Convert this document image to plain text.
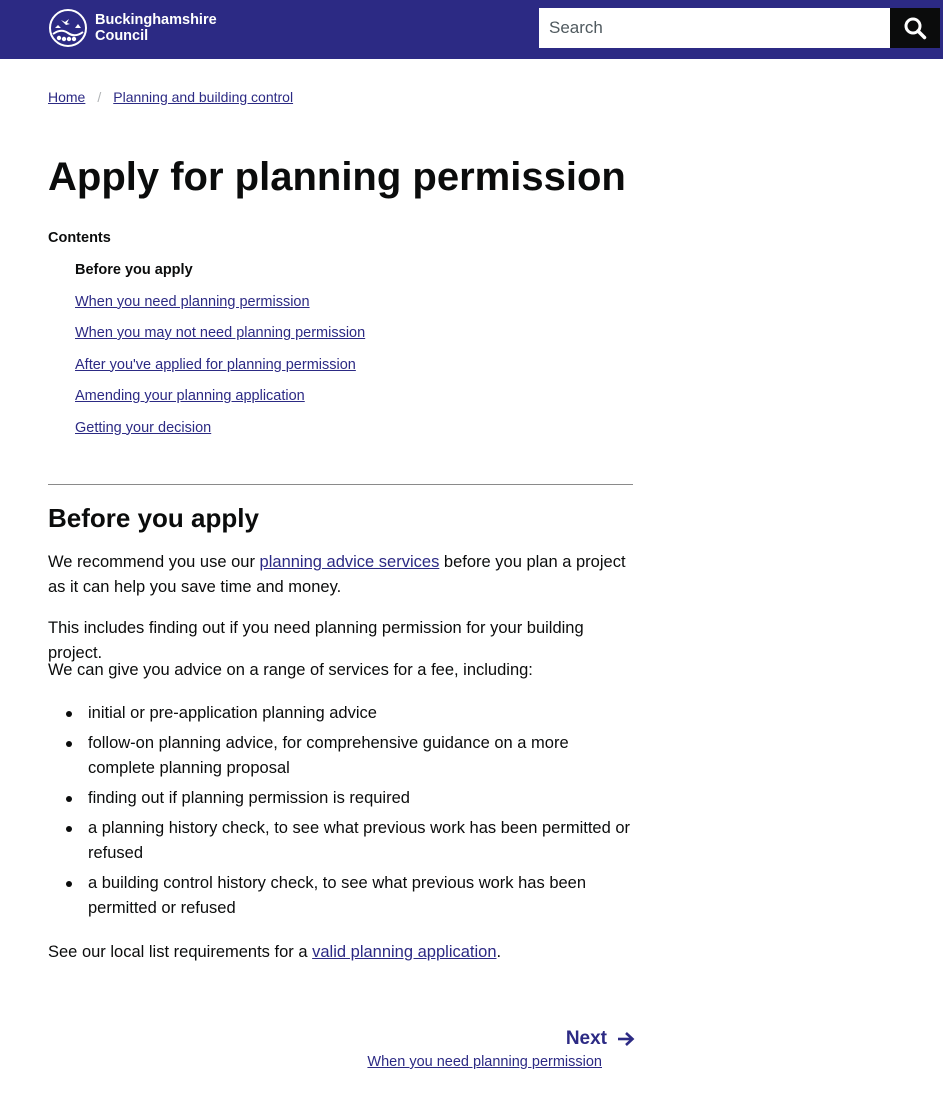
Buckinghamshire
Council
Search
Home / Planning and building control
Apply for planning permission
Contents
Before you apply
When you need planning permission
When you may not need planning permission
After you've applied for planning permission
Amending your planning application
Getting your decision
Before you apply

We recommend you use our planning advice services before you plan a project as it can help you save time and money.

This includes finding out if you need planning permission for your building project.

We can give you advice on a range of services for a fee, including:

initial or pre-application planning advice
follow-on planning advice, for comprehensive guidance on a more complete planning proposal
finding out if planning permission is required
a planning history check, to see what previous work has been permitted or refused
a building control history check, to see what previous work has been permitted or refused

See our local list requirements for a valid planning application.

Next
When you need planning permission
